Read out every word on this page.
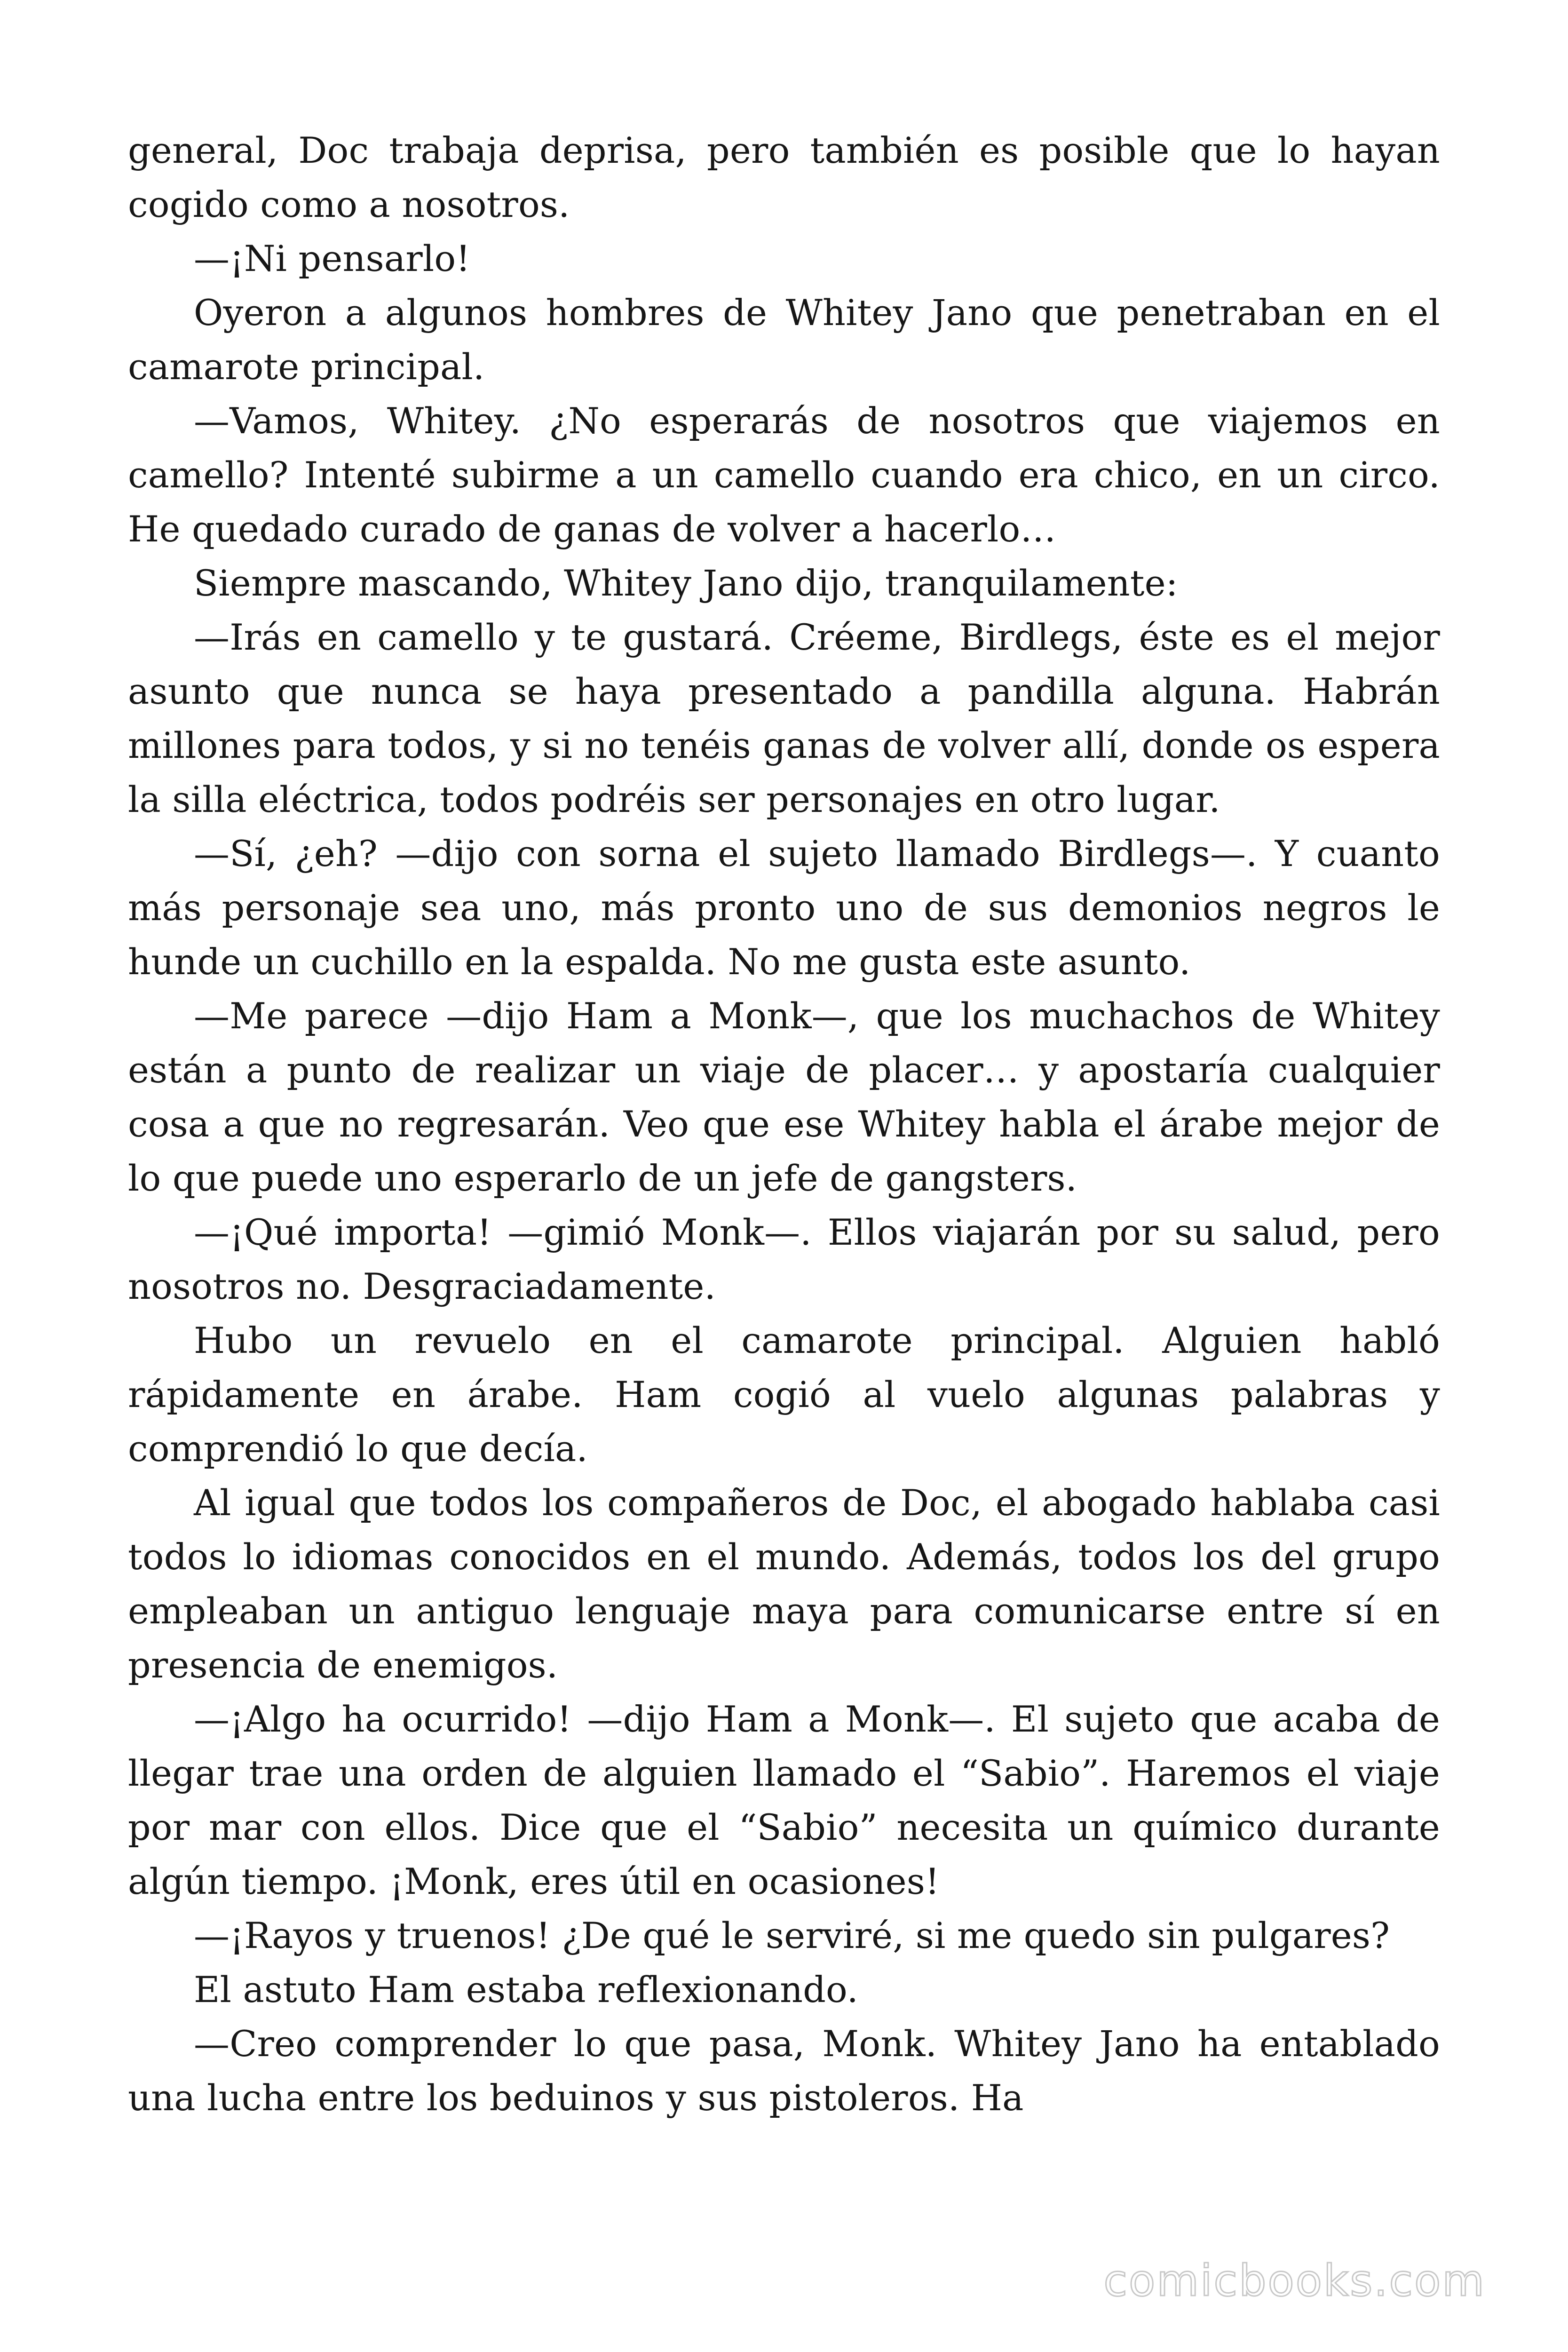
general, Doc trabaja deprisa, pero también es posible que lo hayan cogido como a nosotros.

—¡Ni pensarlo!

Oyeron a algunos hombres de Whitey Jano que penetraban en el camarote principal.

—Vamos, Whitey. ¿No esperarás de nosotros que viajemos en camello? Intenté subirme a un camello cuando era chico, en un circo. He quedado curado de ganas de volver a hacerlo…

Siempre mascando, Whitey Jano dijo, tranquilamente:

—Irás en camello y te gustará. Créeme, Birdlegs, éste es el mejor asunto que nunca se haya presentado a pandilla alguna. Habrán millones para todos, y si no tenéis ganas de volver allí, donde os espera la silla eléctrica, todos podréis ser personajes en otro lugar.

—Sí, ¿eh? —dijo con sorna el sujeto llamado Birdlegs—. Y cuanto más personaje sea uno, más pronto uno de sus demonios negros le hunde un cuchillo en la espalda. No me gusta este asunto.

—Me parece —dijo Ham a Monk—, que los muchachos de Whitey están a punto de realizar un viaje de placer… y apostaría cualquier cosa a que no regresarán. Veo que ese Whitey habla el árabe mejor de lo que puede uno esperarlo de un jefe de gangsters.

—¡Qué importa! —gimió Monk—. Ellos viajarán por su salud, pero nosotros no. Desgraciadamente.

Hubo un revuelo en el camarote principal. Alguien habló rápidamente en árabe. Ham cogió al vuelo algunas palabras y comprendió lo que decía.

Al igual que todos los compañeros de Doc, el abogado hablaba casi todos lo idiomas conocidos en el mundo. Además, todos los del grupo empleaban un antiguo lenguaje maya para comunicarse entre sí en presencia de enemigos.

—¡Algo ha ocurrido! —dijo Ham a Monk—. El sujeto que acaba de llegar trae una orden de alguien llamado el “Sabio”. Haremos el viaje por mar con ellos. Dice que el “Sabio” necesita un químico durante algún tiempo. ¡Monk, eres útil en ocasiones!

—¡Rayos y truenos! ¿De qué le serviré, si me quedo sin pulgares?

El astuto Ham estaba reflexionando.

—Creo comprender lo que pasa, Monk. Whitey Jano ha entablado una lucha entre los beduinos y sus pistoleros. Ha

comicbooks.com
